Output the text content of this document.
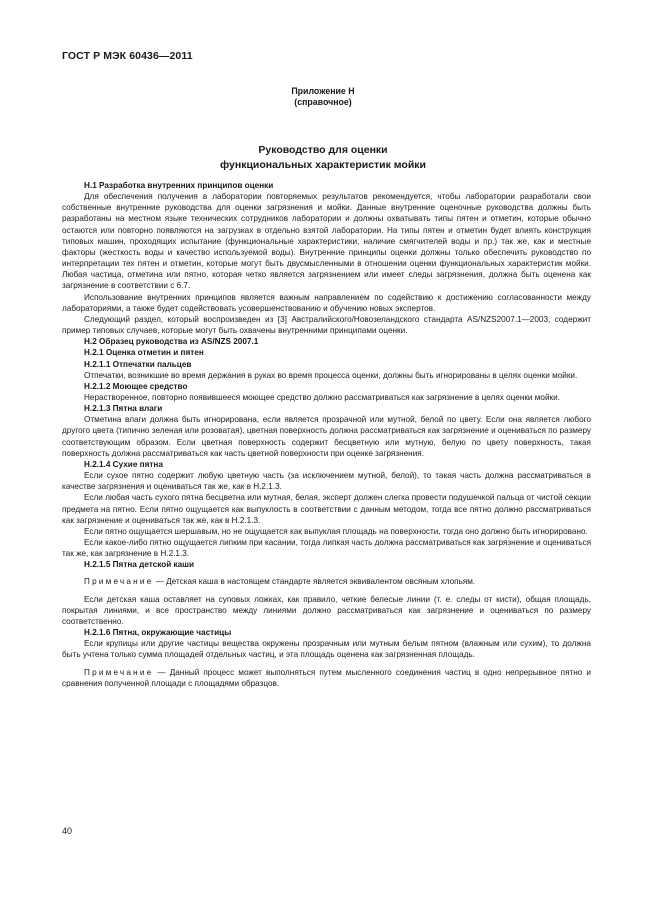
ГОСТ Р МЭК 60436—2011
Приложение Н
(справочное)
Руководство для оценки
функциональных характеристик мойки

Н.1 Разработка внутренних принципов оценки

Для обеспечения получения в лаборатории повторяемых результатов рекомендуется, чтобы лаборатории разработали свои собственные внутренние руководства для оценки загрязнения и мойки. Данные внутренние оценочные руководства должны быть разработаны на местном языке технических сотрудников лаборатории и должны охватывать типы пятен и отметин, которые обычно остаются или повторно появляются на загрузках в отдельно взятой лаборатории. На типы пятен и отметин будет влиять конструкция типовых машин, проходящих испытание (функциональные характеристики, наличие смягчителей воды и пр.) так же, как и местные факторы (жесткость воды и качество используемой воды). Внутренние принципы оценки должны только обеспечить руководство по интерпретации тех пятен и отметин, которые могут быть двусмысленными в отношении оценки функциональных характеристик мойки. Любая частица, отметина или пятно, которая четко является загрязнением или имеет следы загрязнения, должна быть оценена как загрязнение в соответствии с 6.7.

Использование внутренних принципов является важным направлением по содействию к достижению согласованности между лабораториями, а также будет содействовать усовершенствованию и обучению новых экспертов.

Следующий раздел, который воспроизведен из [3] Австралийского/Новозеландского стандарта AS/NZS2007.1—2003, содержит пример типовых случаев, которые могут быть охвачены внутренними принципами оценки.

Н.2 Образец руководства из AS/NZS 2007.1

Н.2.1 Оценка отметин и пятен

Н.2.1.1 Отпечатки пальцев

Отпечатки, возникшие во время держания в руках во время процесса оценки, должны быть игнорированы в целях оценки мойки.

Н.2.1.2 Моющее средство

Нерастворенное, повторно появившееся моющее средство должно рассматриваться как загрязнение в целях оценки мойки.

Н.2.1.3 Пятна влаги

Отметина влаги должна быть игнорирована, если является прозрачной или мутной, белой по цвету. Если она является любого другого цвета (типично зеленая или розоватая), цветная поверхность должна рассматриваться как загрязнение и оцениваться по размеру соответствующим образом. Если цветная поверхность содержит бесцветную или мутную, белую по цвету поверхность, такая поверхность должна рассматриваться как часть цветной поверхности при оценке загрязнения.

Н.2.1.4 Сухие пятна

Если сухое пятно содержит любую цветную часть (за исключением мутной, белой), то такая часть должна рассматриваться в качестве загрязнения и оцениваться так же, как в Н.2.1.3.

Если любая часть сухого пятна бесцветна или мутная, белая, эксперт должен слегка провести подушечкой пальца от чистой секции предмета на пятно. Если пятно ощущается как выпуклость в соответствии с данным методом, тогда все пятно должно рассматриваться как загрязнение и оцениваться так же, как в Н.2.1.3.

Если пятно ощущается шершавым, но не ощущается как выпуклая площадь на поверхности, тогда оно должно быть игнорировано.

Если какое-либо пятно ощущается липким при касании, тогда липкая часть должна рассматриваться как загрязнение и оцениваться так же, как загрязнение в Н.2.1.3.

Н.2.1.5 Пятна детской каши

Примечание — Детская каша в настоящем стандарте является эквивалентом овсяным хлопьям.

Если детская каша оставляет на суповых ложках, как правило, четкие белесые линии (т. е. следы от кисти), общая площадь, покрытая линиями, и все пространство между линиями должно рассматриваться как загрязнение и оцениваться по размеру соответственно.

Н.2.1.6 Пятна, окружающие частицы

Если крупицы или другие частицы вещества окружены прозрачным или мутным белым пятном (влажным или сухим), то должна быть учтена только сумма площадей отдельных частиц, и эта площадь оценена как загрязненная площадь.

Примечание — Данный процесс может выполняться путем мысленного соединения частиц в одно непрерывное пятно и сравнения полученной площади с площадями образцов.

40
